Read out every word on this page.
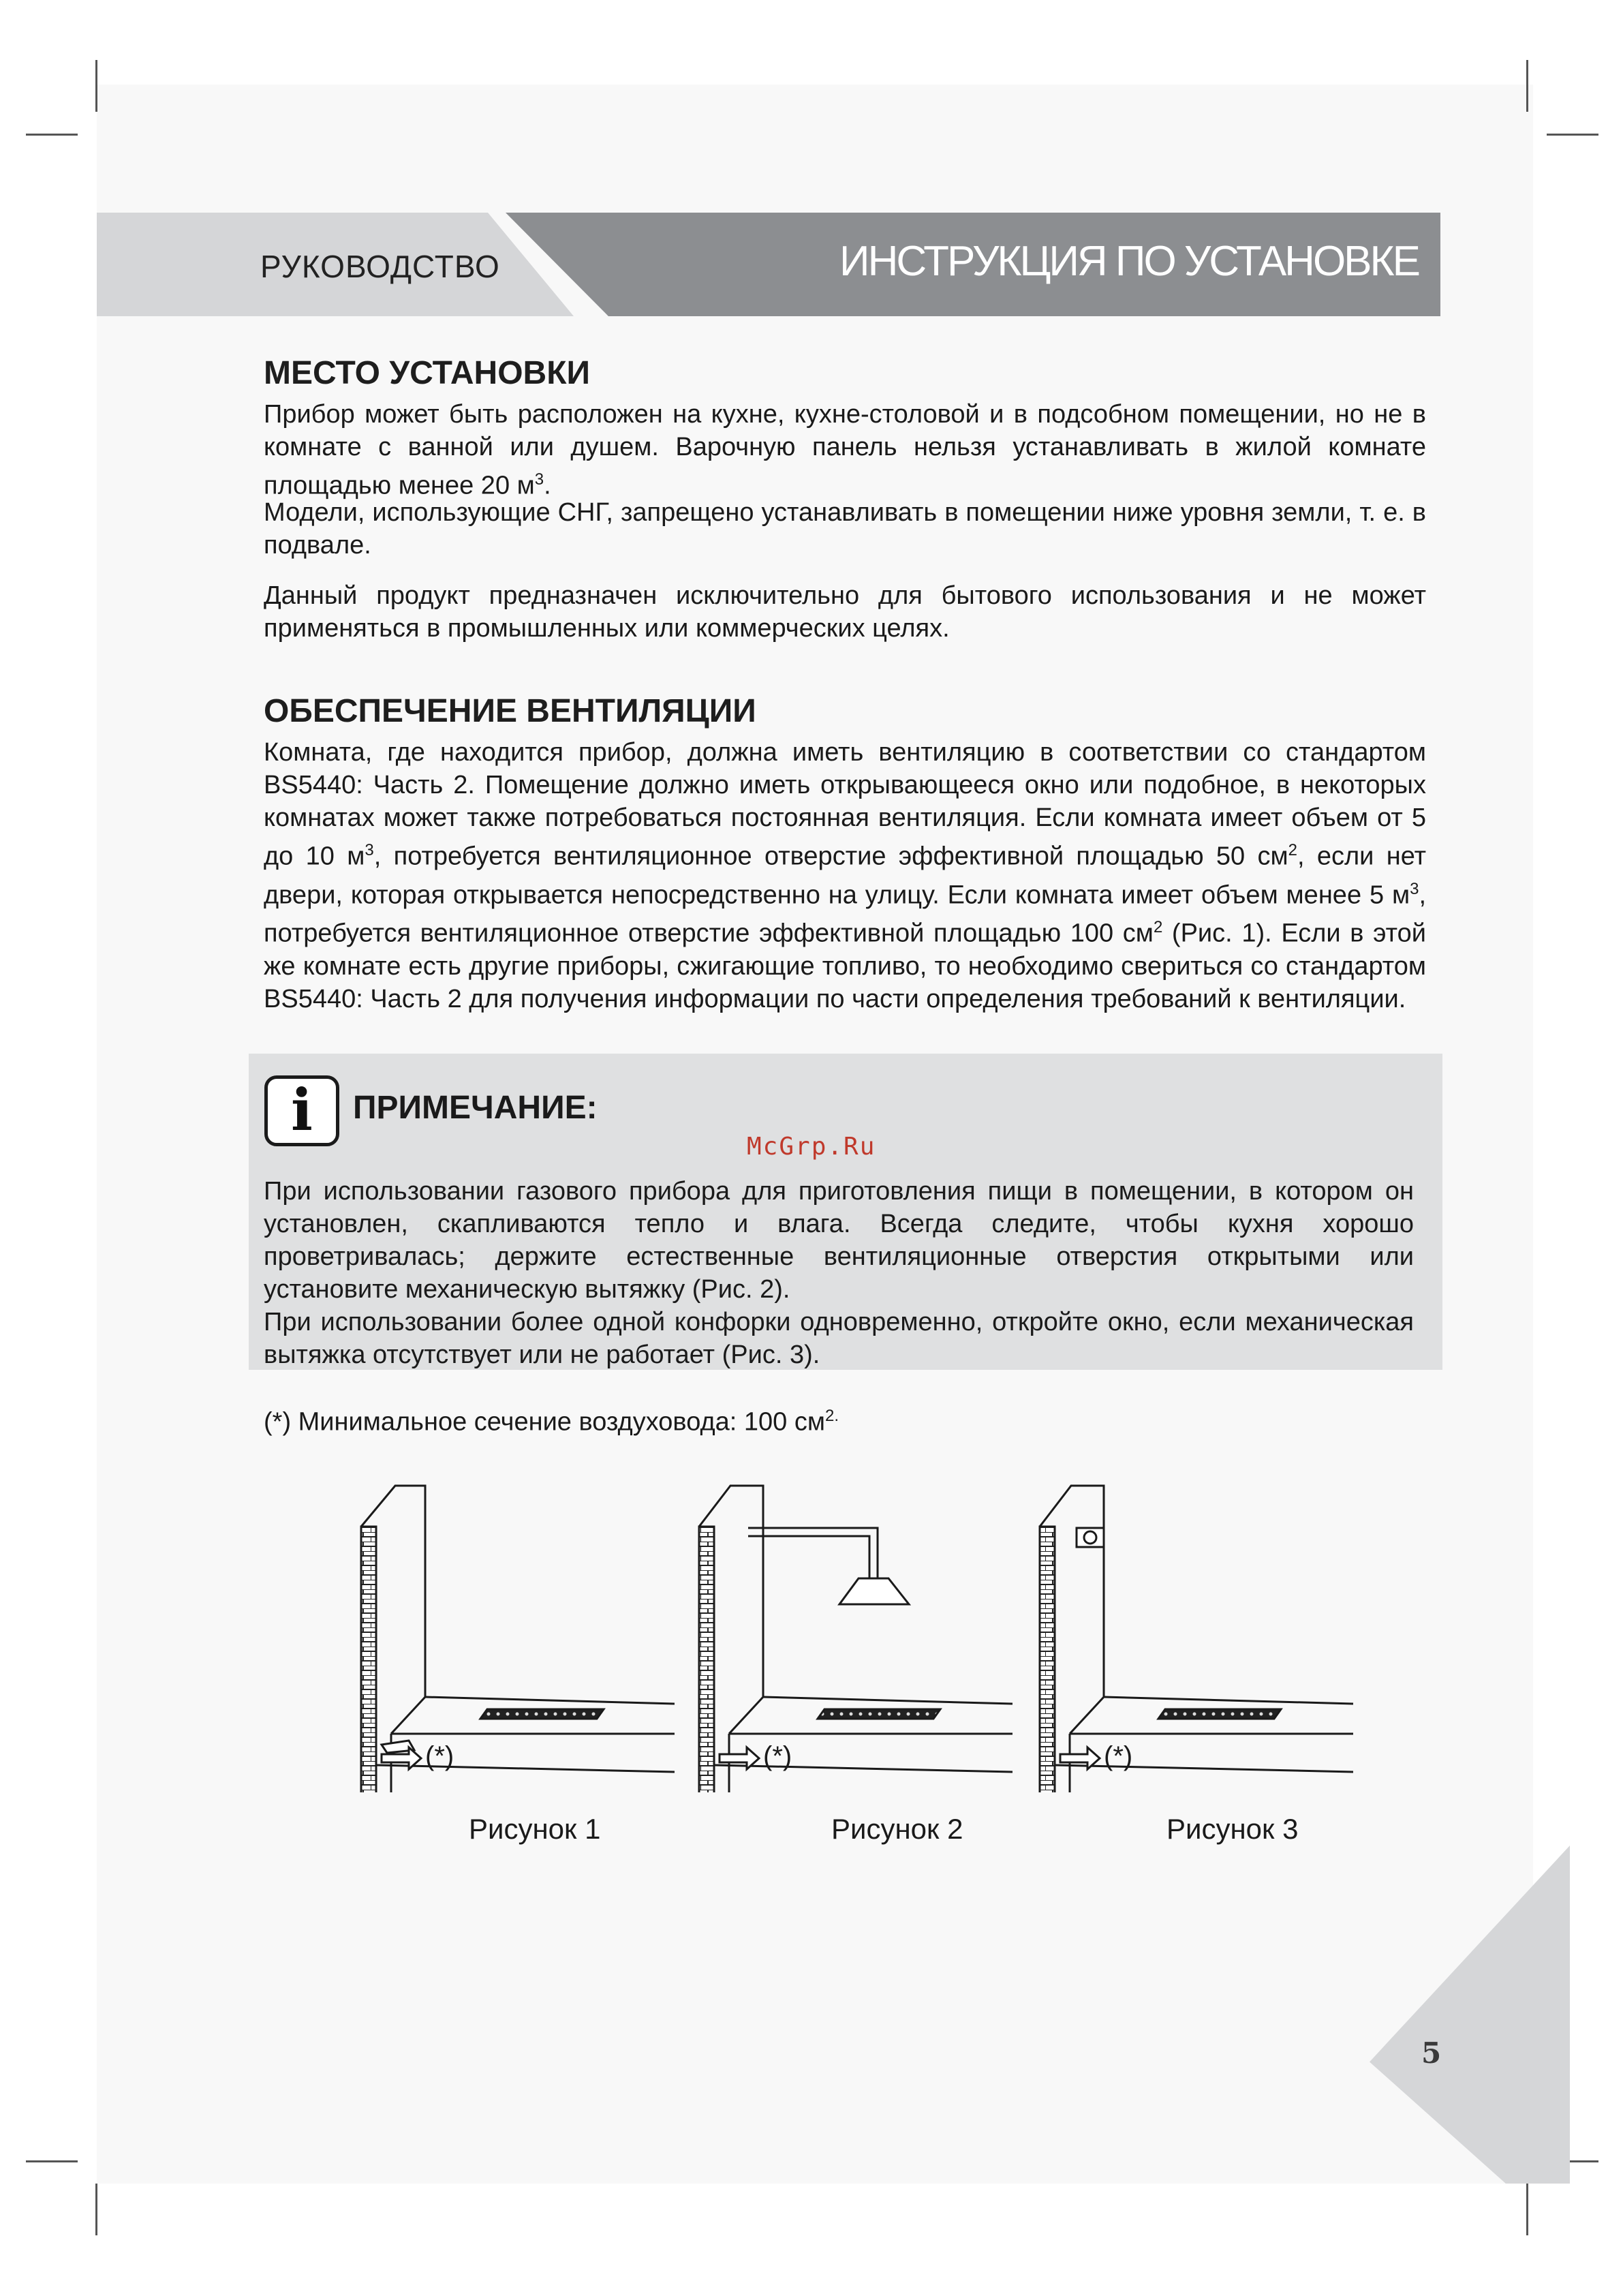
РУКОВОДСТВО	ИНСТРУКЦИЯ ПО УСТАНОВКЕ
МЕСТО УСТАНОВКИ

Прибор может быть расположен на кухне, кухне-столовой и в подсобном помещении, но не в комнате с ванной или душем. Варочную панель нельзя устанавливать в жилой комнате площадью менее 20 $м^3$.

Модели, использующие СНГ, запрещено устанавливать в помещении ниже уровня земли, т. е. в подвале.

Данный продукт предназначен исключительно для бытового использования и не может применяться в промышленных или коммерческих целях.

ОБЕСПЕЧЕНИЕ ВЕНТИЛЯЦИИ

Комната, где находится прибор, должна иметь вентиляцию в соответствии со стандартом BS5440: Часть 2. Помещение должно иметь открывающееся окно или подобное, в некоторых комнатах может также потребоваться постоянная вентиляция. Если комната имеет объем от 5 до 10 $м^3$, потребуется вентиляционное отверстие эффективной площадью 50 $см^2$, если нет двери, которая открывается непосредственно на улицу. Если комната имеет объем менее 5 $м^3$, потребуется вентиляционное отверстие эффективной площадью 100 $см^2$ (Рис. 1). Если в этой же комнате есть другие приборы, сжигающие топливо, то необходимо свериться со стандартом BS5440: Часть 2 для получения информации по части определения требований к вентиляции.

i	ПРИМЕЧАНИЕ:
McGrp.Ru
При использовании газового прибора для приготовления пищи в помещении, в котором он установлен, скапливаются тепло и влага. Всегда следите, чтобы кухня хорошо проветривалась; держите естественные вентиляционные отверстия открытыми или установите механическую вытяжку (Рис. 2).
При использовании более одной конфорки одновременно, откройте окно, если механическая вытяжка отсутствует или не работает (Рис. 3).
(*) Минимальное сечение воздуховода: 100 $см^{2.}$
(*)	(*)	(*)
Рисунок 1	Рисунок 2	Рисунок 3
5
